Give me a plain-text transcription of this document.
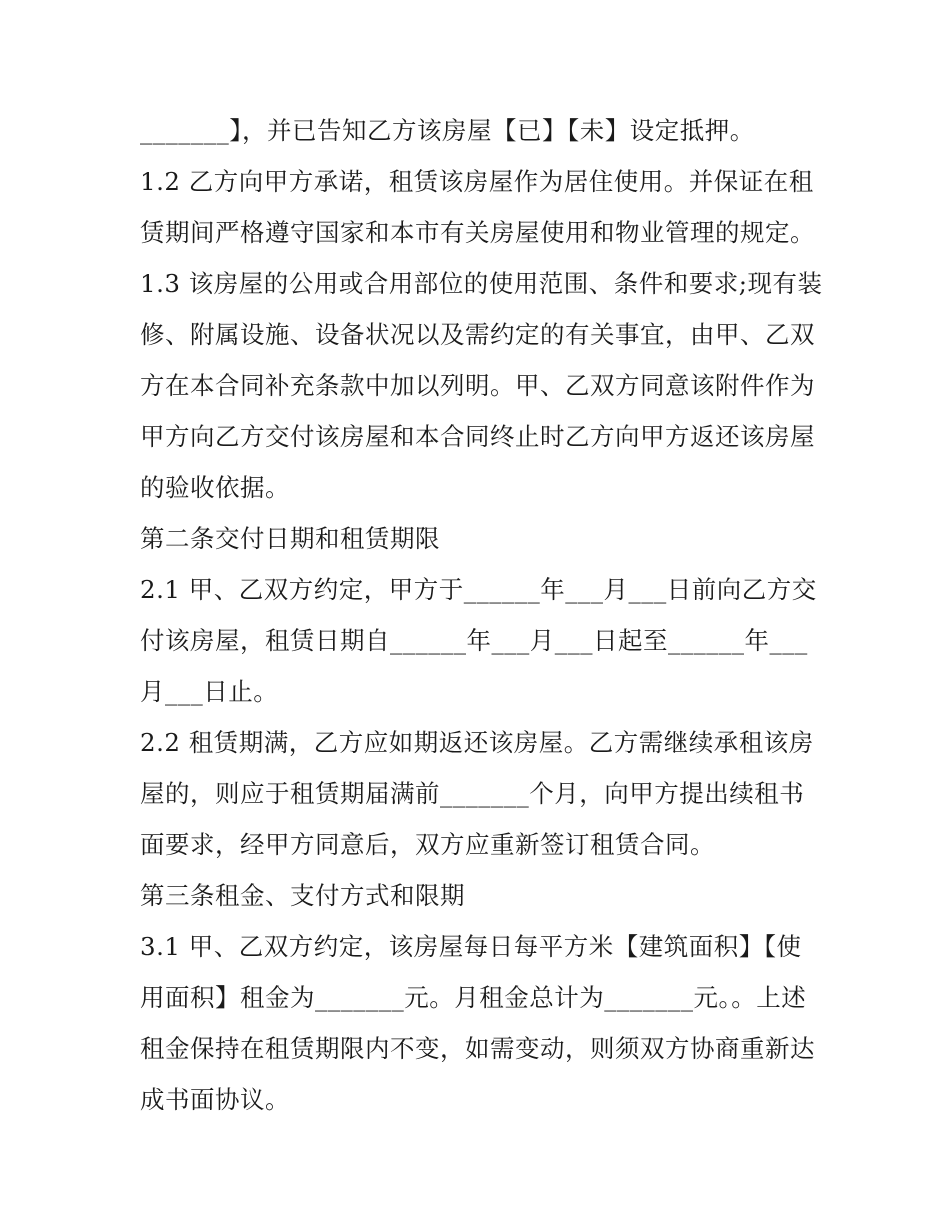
_______】，并已告知乙方该房屋【已】【未】设定抵押。
1.2 乙方向甲方承诺，租赁该房屋作为居住使用。并保证在租
赁期间严格遵守国家和本市有关房屋使用和物业管理的规定。
1.3 该房屋的公用或合用部位的使用范围、条件和要求;现有装
修、附属设施、设备状况以及需约定的有关事宜，由甲、乙双
方在本合同补充条款中加以列明。甲、乙双方同意该附件作为
甲方向乙方交付该房屋和本合同终止时乙方向甲方返还该房屋
的验收依据。
第二条交付日期和租赁期限
2.1 甲、乙双方约定，甲方于______年___月___日前向乙方交
付该房屋，租赁日期自______年___月___日起至______年___
月___日止。
2.2 租赁期满，乙方应如期返还该房屋。乙方需继续承租该房
屋的，则应于租赁期届满前_______个月，向甲方提出续租书
面要求，经甲方同意后，双方应重新签订租赁合同。
第三条租金、支付方式和限期
3.1 甲、乙双方约定，该房屋每日每平方米【建筑面积】【使
用面积】租金为_______元。月租金总计为_______元。。上述
租金保持在租赁期限内不变，如需变动，则须双方协商重新达
成书面协议。
